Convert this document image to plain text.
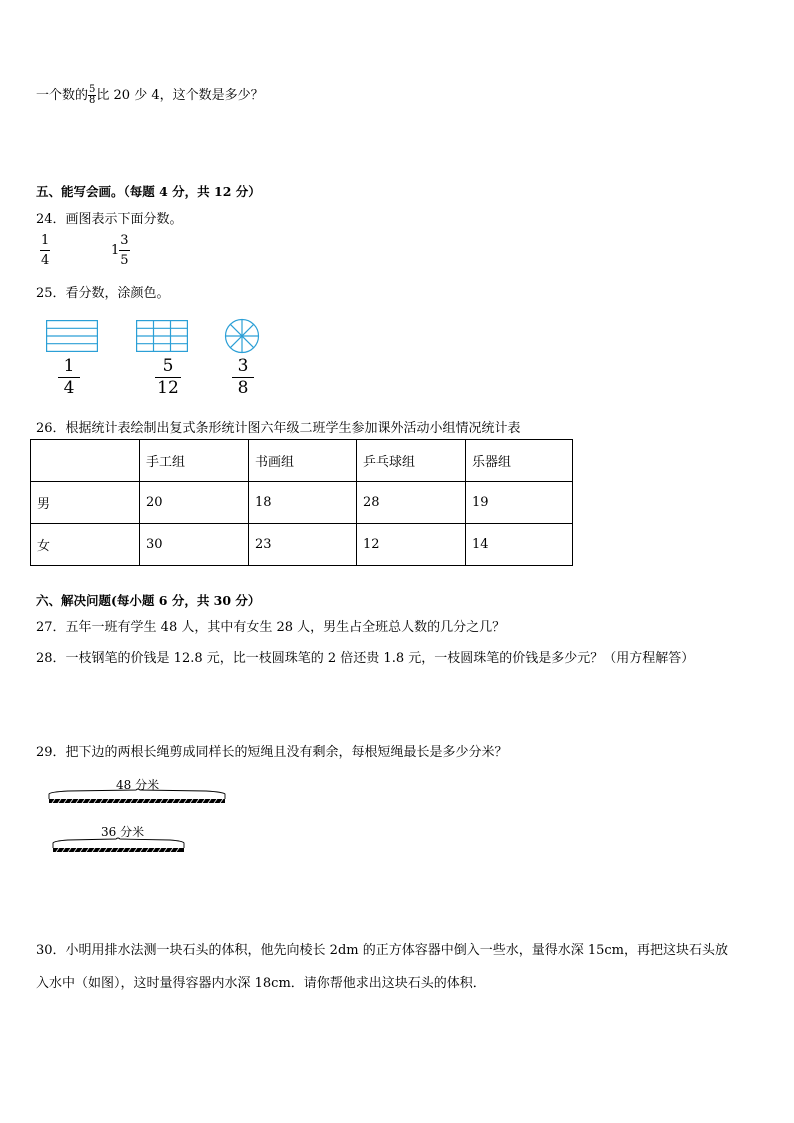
一个数的 $\frac{5}{8}$ 比 20 少 4，这个数是多少？
五、能写会画。（每题 4 分，共 12 分）
24．画图表示下面分数。
$\frac{1}{4}$	$1 \frac{3}{5}$
25．看分数，涂颜色。
$\frac{1}{4}$	$\frac{5}{12}$	$\frac{3}{8}$
26．根据统计表绘制出复式条形统计图六年级二班学生参加课外活动小组情况统计表
	手工组	书画组	乒乓球组	乐器组
男	20	18	28	19
女	30	23	12	14
六、解决问题(每小题 6 分，共 30 分）
27．五年一班有学生 48 人，其中有女生 28 人，男生占全班总人数的几分之几？
28．一枝钢笔的价钱是 12.8 元，比一枝圆珠笔的 2 倍还贵 1.8 元，一枝圆珠笔的价钱是多少元？（用方程解答）
29．把下边的两根长绳剪成同样长的短绳且没有剩余，每根短绳最长是多少分米？
48 分米
36 分米
30．小明用排水法测一块石头的体积，他先向棱长 2dm 的正方体容器中倒入一些水，量得水深 15cm，再把这块石头放
入水中（如图），这时量得容器内水深 18cm．请你帮他求出这块石头的体积．
